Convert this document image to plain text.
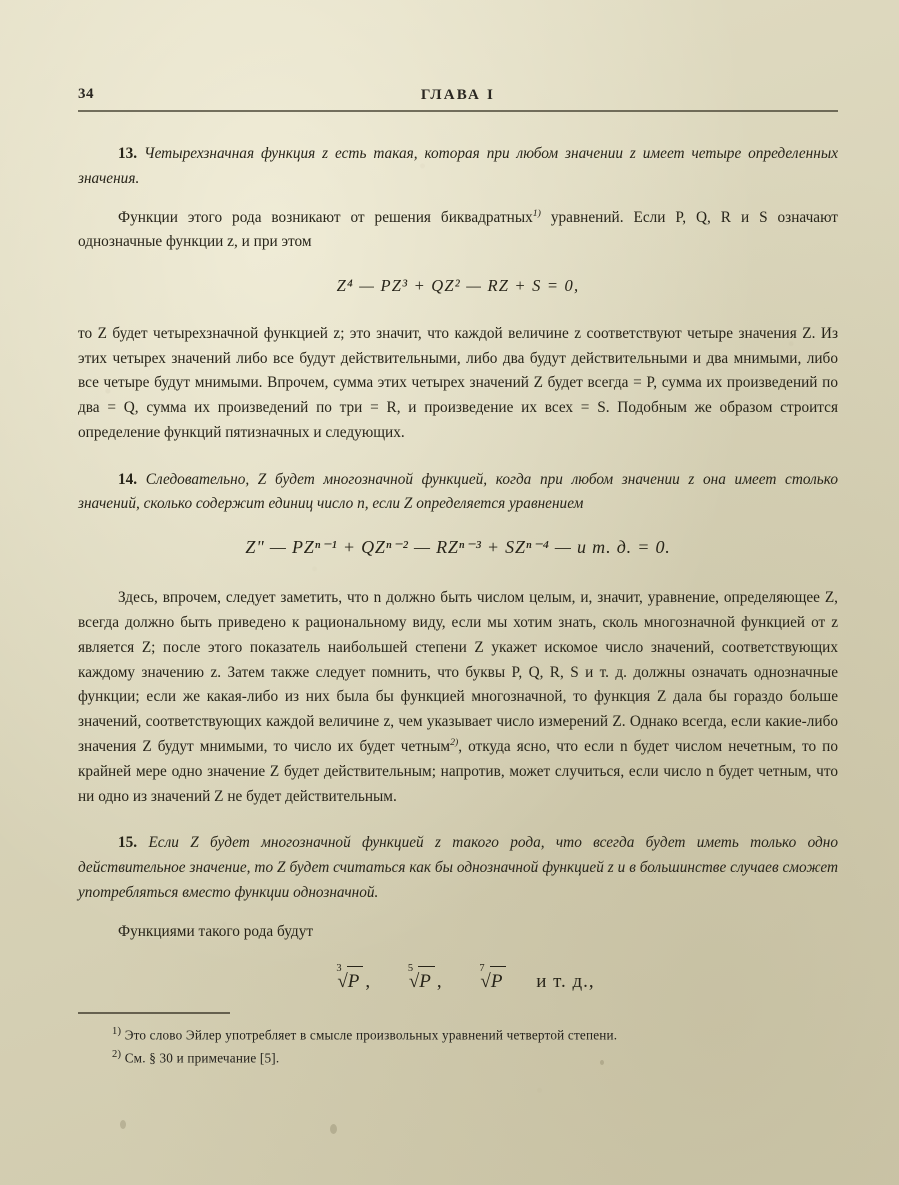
34	ГЛАВА I

13. Четырехзначная функция z есть такая, которая при любом значении z имеет четыре определенных значения.

Функции этого рода возникают от решения биквадратных$^{1)}$ уравнений. Если P, Q, R и S означают однозначные функции z, и при этом

Z⁴ — PZ³ + QZ² — RZ + S = 0,

то Z будет четырехзначной функцией z; это значит, что каждой величине z соответствуют четыре значения Z. Из этих четырех значений либо все будут действительными, либо два будут действительными и два мнимыми, либо все четыре будут мнимыми. Впрочем, сумма этих четырех значений Z будет всегда = P, сумма их произведений по два = Q, сумма их произведений по три = R, и произведение их всех = S. Подобным же образом строится определение функций пятизначных и следующих.

14. Следовательно, Z будет многозначной функцией, когда при любом значении z она имеет столько значений, сколько содержит единиц число n, если Z определяется уравнением

Z" — PZⁿ⁻¹ + QZⁿ⁻² — RZⁿ⁻³ + SZⁿ⁻⁴ — и т. д. = 0.

Здесь, впрочем, следует заметить, что n должно быть числом целым, и, значит, уравнение, определяющее Z, всегда должно быть приведено к рациональному виду, если мы хотим знать, сколь многозначной функцией от z является Z; после этого показатель наибольшей степени Z укажет искомое число значений, соответствующих каждому значению z. Затем также следует помнить, что буквы P, Q, R, S и т. д. должны означать однозначные функции; если же какая-либо из них была бы функцией многозначной, то функция Z дала бы гораздо больше значений, соответствующих каждой величине z, чем указывает число измерений Z. Однако всегда, если какие-либо значения Z будут мнимыми, то число их будет четным$^{2)}$, откуда ясно, что если n будет числом нечетным, то по крайней мере одно значение Z будет действительным; напротив, может случиться, если число n будет четным, что ни одно из значений Z не будет действительным.

15. Если Z будет многозначной функцией z такого рода, что всегда будет иметь только одно действительное значение, то Z будет считаться как бы однозначной функцией z и в большинстве случаев сможет употребляться вместо функции однозначной.

Функциями такого рода будут

3
√P ,
5
√P ,
7
√P и т. д.,

$^{1)}$ Это слово Эйлер употребляет в смысле произвольных уравнений четвертой степени.

$^{2)}$ См. § 30 и примечание [5].
